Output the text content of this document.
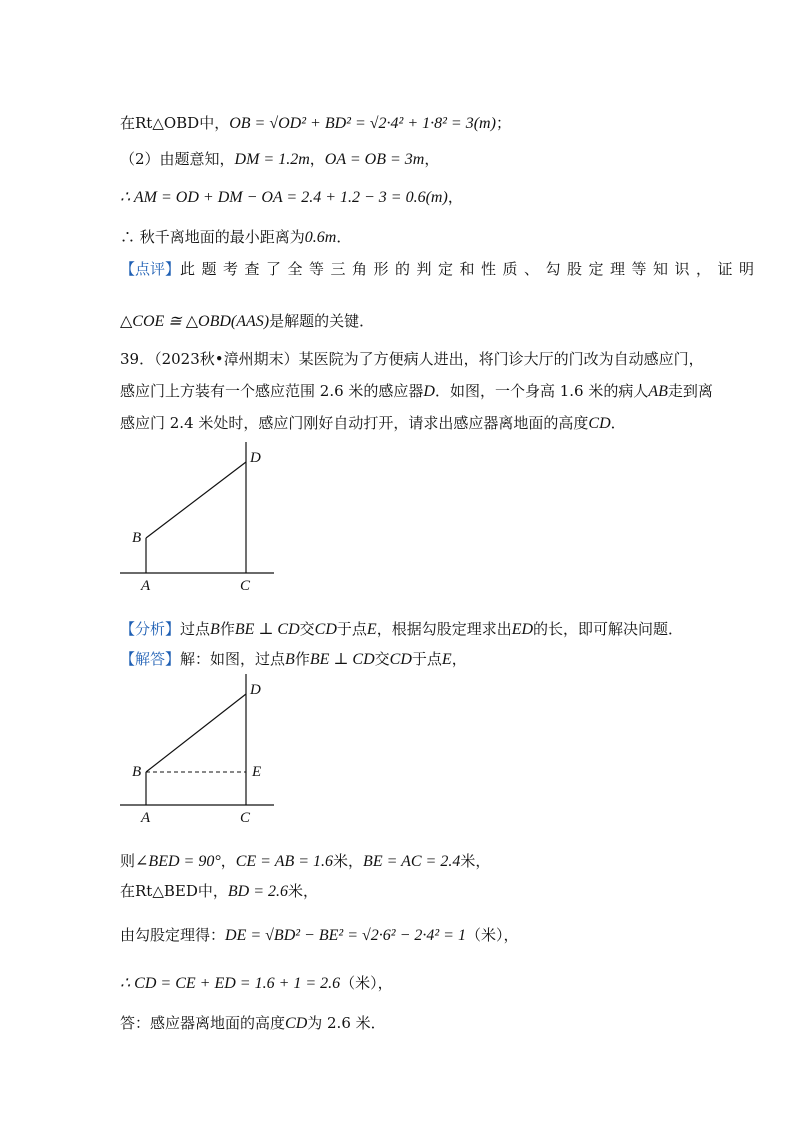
在Rt△OBD中，OB = √OD² + BD² = √2·4² + 1·8² = 3(m)；
（2）由题意知，DM = 1.2m，OA = OB = 3m，
∴ AM = OD + DM − OA = 2.4 + 1.2 − 3 = 0.6(m)，
∴ 秋千离地面的最小距离为0.6m．
【点评】此题考查了全等三角形的判定和性质、勾股定理等知识，证明
△COE ≅ △OBD(AAS)是解题的关键．
39．（2023秋•漳州期末）某医院为了方便病人进出，将门诊大厅的门改为自动感应门，
感应门上方装有一个感应范围 2.6 米的感应器D．如图，一个身高 1.6 米的病人AB走到离
感应门 2.4 米处时，感应门刚好自动打开，请求出感应器离地面的高度CD．
D
B
A	C
【分析】过点B作BE ⊥ CD交CD于点E，根据勾股定理求出ED的长，即可解决问题．
【解答】解：如图，过点B作BE ⊥ CD交CD于点E，
D
B	E
A	C
则∠BED = 90°，CE = AB = 1.6米，BE = AC = 2.4米，
在Rt△BED中，BD = 2.6米，
由勾股定理得：DE = √BD² − BE² = √2·6² − 2·4² = 1（米），
∴ CD = CE + ED = 1.6 + 1 = 2.6（米），
答：感应器离地面的高度CD为 2.6 米．
